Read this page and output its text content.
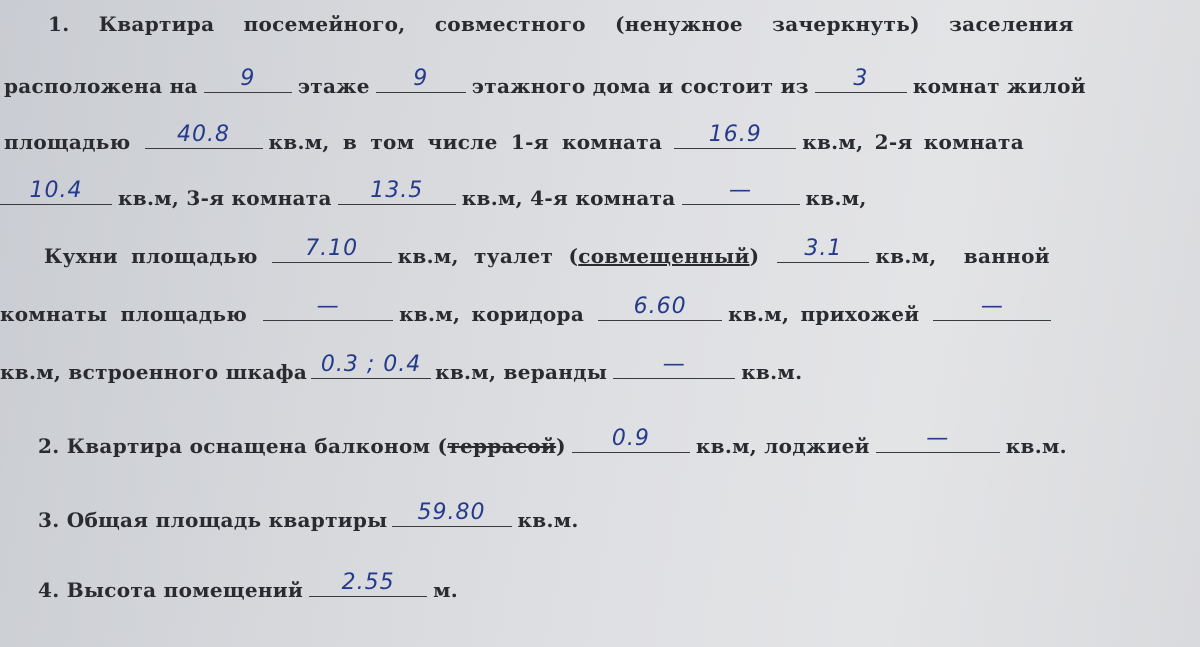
1. Квартира посемейного, совместного (ненужное зачеркнуть) заселения
расположена на	9	этаже	9	этажного дома и состоит из	3	комнат жилой
площадью	40.8	кв.м, в том числе 1-я комната	16.9	кв.м, 2-я комната
10.4	кв.м, 3-я комната	13.5	кв.м, 4-я комната	—	кв.м,
Кухни площадью	7.10	кв.м, туалет ( совмещенный )	3.1	кв.м, ванной
комнаты площадью	—	кв.м, коридора	6.60	кв.м, прихожей	—
кв.м, встроенного шкафа 0.3 ; 0.4 кв.м, веранды	—	кв.м.
2. Квартира оснащена балконом ( террасой )	0.9	кв.м, лоджией	—	кв.м.
3. Общая площадь квартиры	59.80	кв.м.
4. Высота помещений	2.55	м.
